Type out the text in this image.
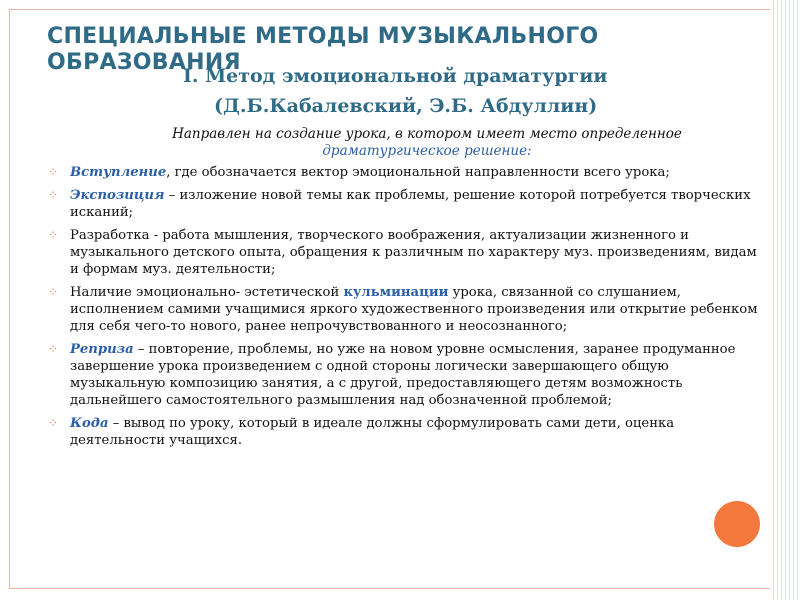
СПЕЦИАЛЬНЫЕ МЕТОДЫ МУЗЫКАЛЬНОГО ОБРАЗОВАНИЯ
I. Метод эмоциональной драматургии
(Д.Б.Кабалевский, Э.Б. Абдуллин)
Направлен на создание урока, в котором имеет место определенное
драматургическое решение:
⁘ Вступление, где обозначается вектор эмоциональной направленности всего урока;
⁘ Экспозиция – изложение новой темы как проблемы, решение которой потребуется творческих исканий;
⁘ Разработка - работа мышления, творческого воображения, актуализации жизненного и музыкального детского опыта, обращения к различным по характеру муз. произведениям, видам и формам муз. деятельности;
⁘ Наличие эмоционально- эстетической кульминации урока, связанной со слушанием, исполнением самими учащимися яркого художественного произведения или открытие ребенком для себя чего-то нового, ранее непрочувствованного и неосознанного;
⁘ Реприза – повторение, проблемы, но уже на новом уровне осмысления, заранее продуманное завершение урока произведением с одной стороны логически завершающего общую музыкальную композицию занятия, а с другой, предоставляющего детям возможность дальнейшего самостоятельного размышления над обозначенной проблемой;
⁘ Кода – вывод по уроку, который в идеале должны сформулировать сами дети, оценка деятельности учащихся.
